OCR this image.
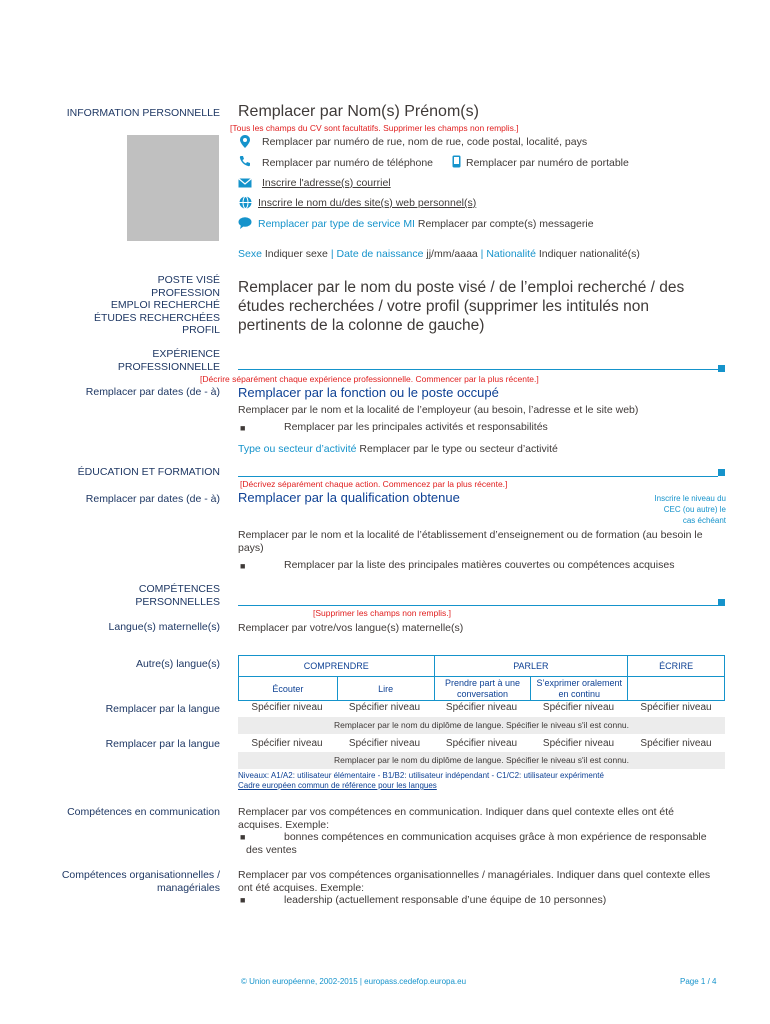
INFORMATION PERSONNELLE Remplacer par Nom(s) Prénom(s)
[Tous les champs du CV sont facultatifs. Supprimer les champs non remplis.]
Remplacer par numéro de rue, nom de rue, code postal, localité, pays
Remplacer par numéro de téléphone	Remplacer par numéro de portable
Inscrire l'adresse(s) courriel
Inscrire le nom du/des site(s) web personnel(s)
Remplacer par type de service MI Remplacer par compte(s) messagerie
Sexe Indiquer sexe | Date de naissance jj/mm/aaaa | Nationalité Indiquer nationalité(s)
POSTE VISÉ
PROFESSION
EMPLOI RECHERCHÉ
ÉTUDES RECHERCHÉES
PROFIL
Remplacer par le nom du poste visé / de l’emploi recherché / des
études recherchées / votre profil (supprimer les intitulés non
pertinents de la colonne de gauche)
EXPÉRIENCE
PROFESSIONNELLE
[Décrire séparément chaque expérience professionnelle. Commencer par la plus récente.]
Remplacer par dates (de - à) Remplacer par la fonction ou le poste occupé
Remplacer par le nom et la localité de l’employeur (au besoin, l’adresse et le site web)
■	Remplacer par les principales activités et responsabilités
Type ou secteur d’activité Remplacer par le type ou secteur d’activité
ÉDUCATION ET FORMATION
[Décrivez séparément chaque action. Commencez par la plus récente.]
Remplacer par dates (de - à) Remplacer par la qualification obtenue	Inscrire le niveau du
CEC (ou autre) le
cas échéant
Remplacer par le nom et la localité de l’établissement d’enseignement ou de formation (au besoin le
pays)
■	Remplacer par la liste des principales matières couvertes ou compétences acquises
COMPÉTENCES
PERSONNELLES
[Supprimer les champs non remplis.]
Langue(s) maternelle(s) Remplacer par votre/vos langue(s) maternelle(s)
Autre(s) langue(s)	COMPRENDRE		PARLER		ÉCRIRE
Écouter	Lire	Prendre part à une conversation	S’exprimer oralement en continu	
Remplacer par la langue	Spécifier niveau	Spécifier niveau	Spécifier niveau	Spécifier niveau	Spécifier niveau
Remplacer par le nom du diplôme de langue. Spécifier le niveau s'il est connu.
Remplacer par la langue	Spécifier niveau	Spécifier niveau	Spécifier niveau	Spécifier niveau	Spécifier niveau
Remplacer par le nom du diplôme de langue. Spécifier le niveau s'il est connu.
Niveaux: A1/A2: utilisateur élémentaire - B1/B2: utilisateur indépendant - C1/C2: utilisateur expérimenté
Cadre européen commun de référence pour les langues
Compétences en communication Remplacer par vos compétences en communication. Indiquer dans quel contexte elles ont été
acquises. Exemple:
■	bonnes compétences en communication acquises grâce à mon expérience de responsable
des ventes
Compétences organisationnelles /
managériales
Remplacer par vos compétences organisationnelles / managériales. Indiquer dans quel contexte elles
ont été acquises. Exemple:
■	leadership (actuellement responsable d’une équipe de 10 personnes)
© Union européenne, 2002-2015 | europass.cedefop.europa.eu	Page 1 / 4
